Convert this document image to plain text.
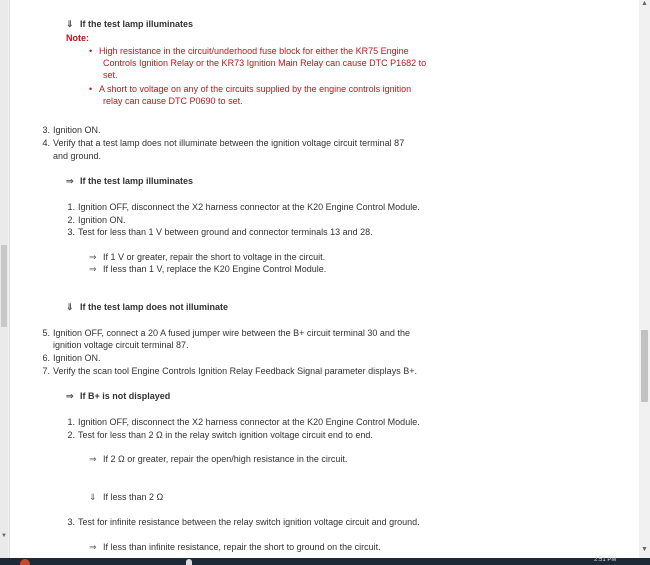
⇓ If the test lamp illuminates
Note:
• High resistance in the circuit/underhood fuse block for either the KR75 Engine
Controls Ignition Relay or the KR73 Ignition Main Relay can cause DTC P1682 to
set.
• A short to voltage on any of the circuits supplied by the engine controls ignition
relay can cause DTC P0690 to set.
3. Ignition ON.
4. Verify that a test lamp does not illuminate between the ignition voltage circuit terminal 87
and ground.
⇒ If the test lamp illuminates
1. Ignition OFF, disconnect the X2 harness connector at the K20 Engine Control Module.
2. Ignition ON.
3. Test for less than 1 V between ground and connector terminals 13 and 28.
⇒ If 1 V or greater, repair the short to voltage in the circuit.
⇒ If less than 1 V, replace the K20 Engine Control Module.
⇓ If the test lamp does not illuminate
5. Ignition OFF, connect a 20 A fused jumper wire between the B+ circuit terminal 30 and the
ignition voltage circuit terminal 87.
6. Ignition ON.
7. Verify the scan tool Engine Controls Ignition Relay Feedback Signal parameter displays B+.
⇒ If B+ is not displayed
1. Ignition OFF, disconnect the X2 harness connector at the K20 Engine Control Module.
2. Test for less than 2 Ω in the relay switch ignition voltage circuit end to end.
⇒ If 2 Ω or greater, repair the open/high resistance in the circuit.
⇓ If less than 2 Ω
3. Test for infinite resistance between the relay switch ignition voltage circuit and ground.
⇒ If less than infinite resistance, repair the short to ground on the circuit.
▼
▲
▼
2:51 PM
